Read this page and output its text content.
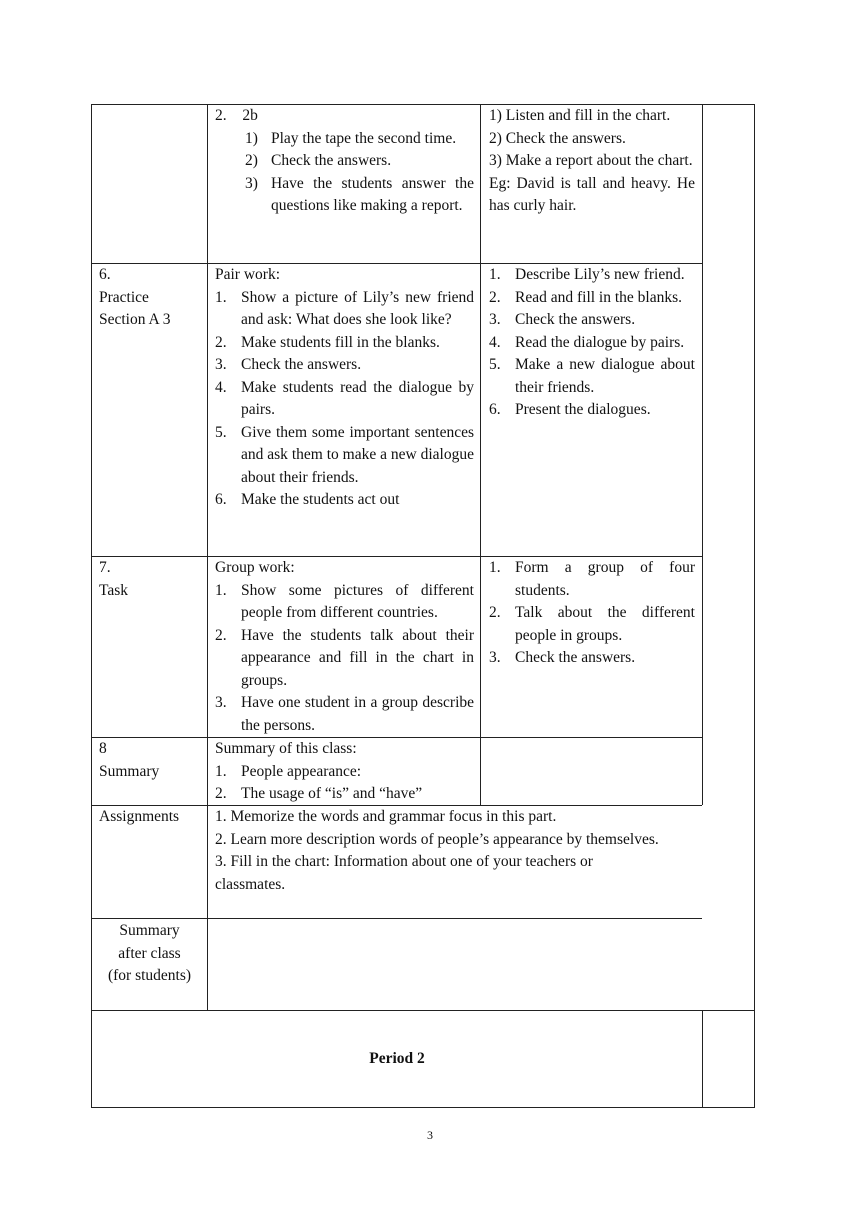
2. 2b
1) Play the tape the second time.
2) Check the answers.
3) Have the students answer the questions like making a report.
1) Listen and fill in the chart.
2) Check the answers.
3) Make a report about the chart.
Eg: David is tall and heavy. He has curly hair.
6.
Practice
Section A 3
Pair work:
1. Show a picture of Lily’s new friend and ask: What does she look like?
2. Make students fill in the blanks.
3. Check the answers.
4. Make students read the dialogue by pairs.
5. Give them some important sentences and ask them to make a new dialogue about their friends.
6. Make the students act out
1. Describe Lily’s new friend.
2. Read and fill in the blanks.
3. Check the answers.
4. Read the dialogue by pairs.
5. Make a new dialogue about their friends.
6. Present the dialogues.
7.
Task
Group work:
1. Show some pictures of different people from different countries.
2. Have the students talk about their appearance and fill in the chart in groups.
3. Have one student in a group describe the persons.
1. Form a group of four students.
2. Talk about the different people in groups.
3. Check the answers.
8
Summary
Summary of this class:
1. People appearance:
2. The usage of “is” and “have”
Assignments	1. Memorize the words and grammar focus in this part.
2. Learn more description words of people’s appearance by themselves.
3. Fill in the chart: Information about one of your teachers or classmates.
Summary
after class
(for students)
Period 2
3
